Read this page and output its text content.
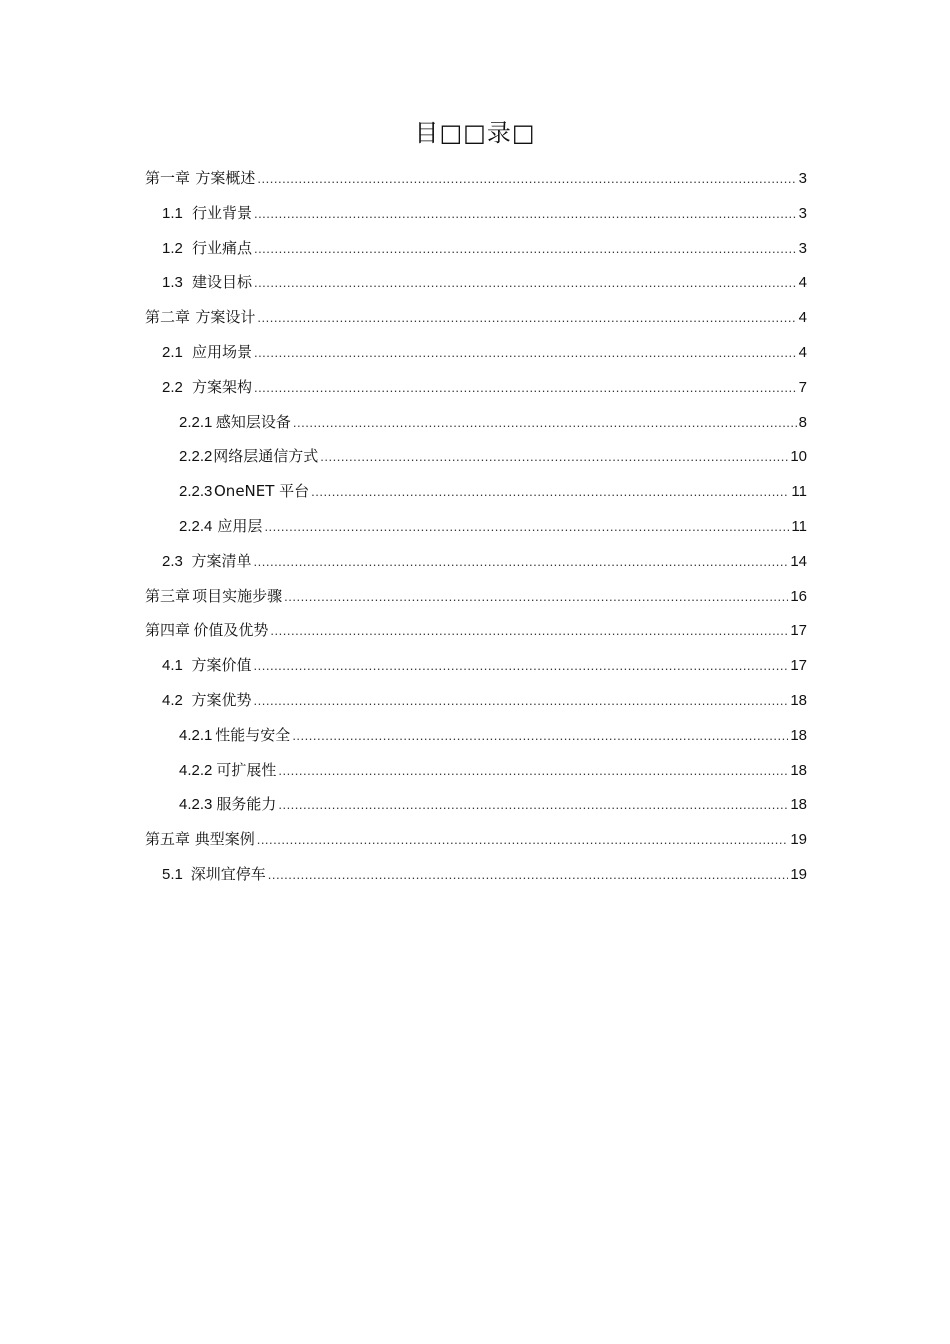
目□□录□
第一章 方案概述 .....	3
1.1 行业背景 .....	3
1.2 行业痛点 .....	3
1.3 建设目标 .....	4
第二章 方案设计 .....	4
2.1 应用场景 .....	4
2.2 方案架构 .....	7
2.2.1 感知层设备 .....	8
2.2.2 网络层通信方式 .....	10
2.2.3 OneNET 平台 .....	11
2.2.4 应用层 .....	11
2.3 方案清单 .....	14
第三章 项目实施步骤 .....	16
第四章 价值及优势 .....	17
4.1 方案价值 .....	17
4.2 方案优势 .....	18
4.2.1 性能与安全 .....	18
4.2.2 可扩展性 .....	18
4.2.3 服务能力 .....	18
第五章 典型案例 .....	19
5.1 深圳宜停车 .....	19
